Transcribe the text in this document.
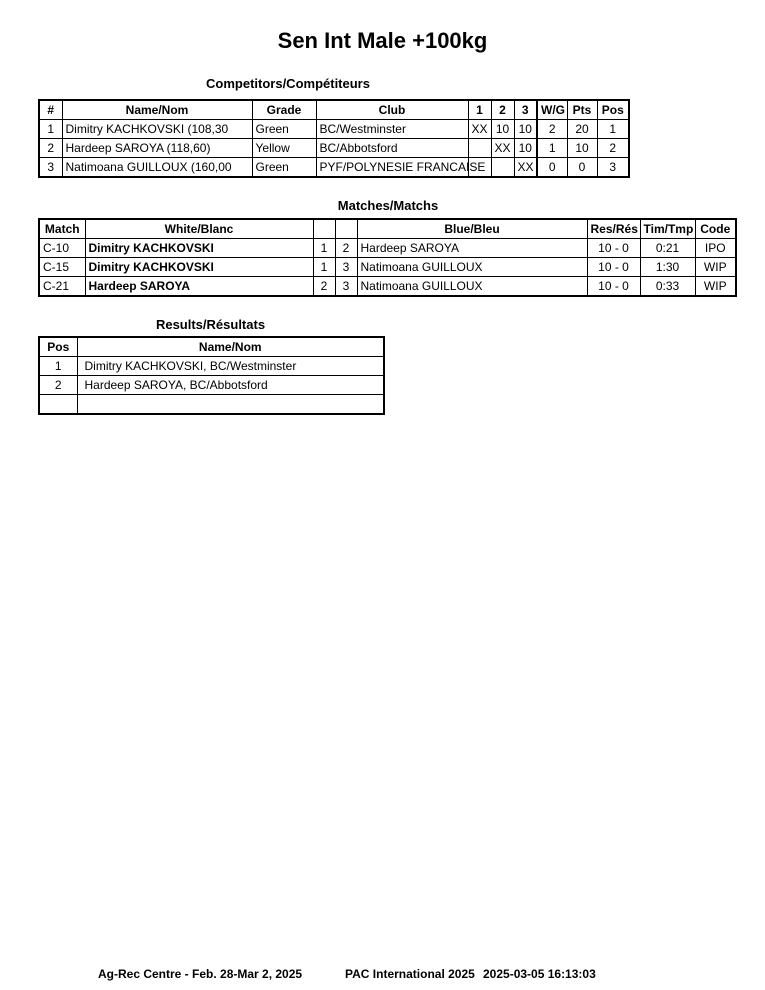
Sen Int Male +100kg
Competitors/Compétiteurs
#	Name/Nom	Grade	Club	1	2	3	W/G	Pts	Pos
1	Dimitry KACHKOVSKI (108,30	Green	BC/Westminster	XX	10	10	2	20	1
2	Hardeep SAROYA (118,60)	Yellow	BC/Abbotsford		XX	10	1	10	2
3	Natimoana GUILLOUX (160,00	Green	PYF/POLYNESIE FRANCAISE			XX	0	0	3
Matches/Matchs
Match	White/Blanc			Blue/Bleu	Res/Rés	Tim/Tmp	Code
C-10	Dimitry KACHKOVSKI	1	2	Hardeep SAROYA	10 - 0	0:21	IPO
C-15	Dimitry KACHKOVSKI	1	3	Natimoana GUILLOUX	10 - 0	1:30	WIP
C-21	Hardeep SAROYA	2	3	Natimoana GUILLOUX	10 - 0	0:33	WIP
Results/Résultats
Pos	Name/Nom
1	Dimitry KACHKOVSKI, BC/Westminster
2	Hardeep SAROYA, BC/Abbotsford

Ag-Rec Centre - Feb. 28-Mar 2, 2025	PAC International 2025 2025-03-05 16:13:03
